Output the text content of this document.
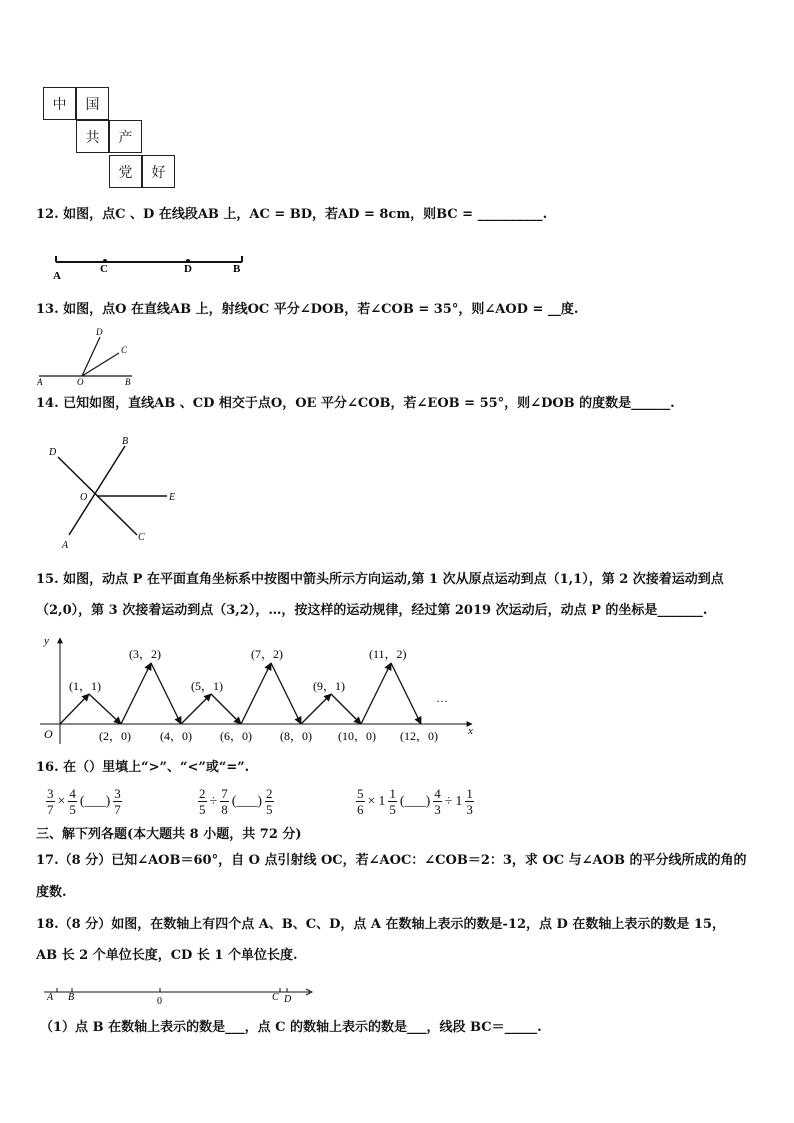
中	国
共	产
党	好
12. 如图，点C 、D 在线段AB 上，AC = BD，若AD = 8cm，则BC = __________.
A
C	D	B
13. 如图，点O 在直线AB 上，射线OC 平分∠DOB，若∠COB = 35°，则∠AOD = __度.
D
C
A	O	B
14. 已知如图，直线AB 、CD 相交于点O，OE 平分∠COB，若∠EOB = 55°，则∠DOB 的度数是______.
D
B
O	E
A
C
15. 如图，动点 P 在平面直角坐标系中按图中箭头所示方向运动,第 1 次从原点运动到点（1,1），第 2 次接着运动到点
（2,0），第 3 次接着运动到点（3,2），…，按这样的运动规律，经过第 2019 次运动后，动点 P 的坐标是_______.
y
x
O
(1，1)
(3，2)
(5，1)
(7，2)
(9，1)
(11，2)
(2，0) (4，0) (6，0) (8，0) (10，0) (12，0)
…
16. 在（）里填上“>”、“<”或“=”.
$\frac{3}{7} \times \frac{4}{5}$ (___) $\frac{3}{7}$	$\frac{2}{5} \div \frac{7}{8}$ (___) $\frac{2}{5}$	$\frac{5}{6} \times 1 \frac{1}{5}$ (___) $\frac{4}{3} \div 1 \frac{1}{3}$
三、解下列各题(本大题共 8 小题，共 72 分)
17.（8 分）已知∠AOB＝60°，自 O 点引射线 OC，若∠AOC：∠COB＝2：3，求 OC 与∠AOB 的平分线所成的角的
度数.
18.（8 分）如图，在数轴上有四个点 A、B、C、D，点 A 在数轴上表示的数是-12，点 D 在数轴上表示的数是 15，
AB 长 2 个单位长度，CD 长 1 个单位长度.
A B	0	C D
（1）点 B 在数轴上表示的数是___，点 C 的数轴上表示的数是___，线段 BC＝_____.
